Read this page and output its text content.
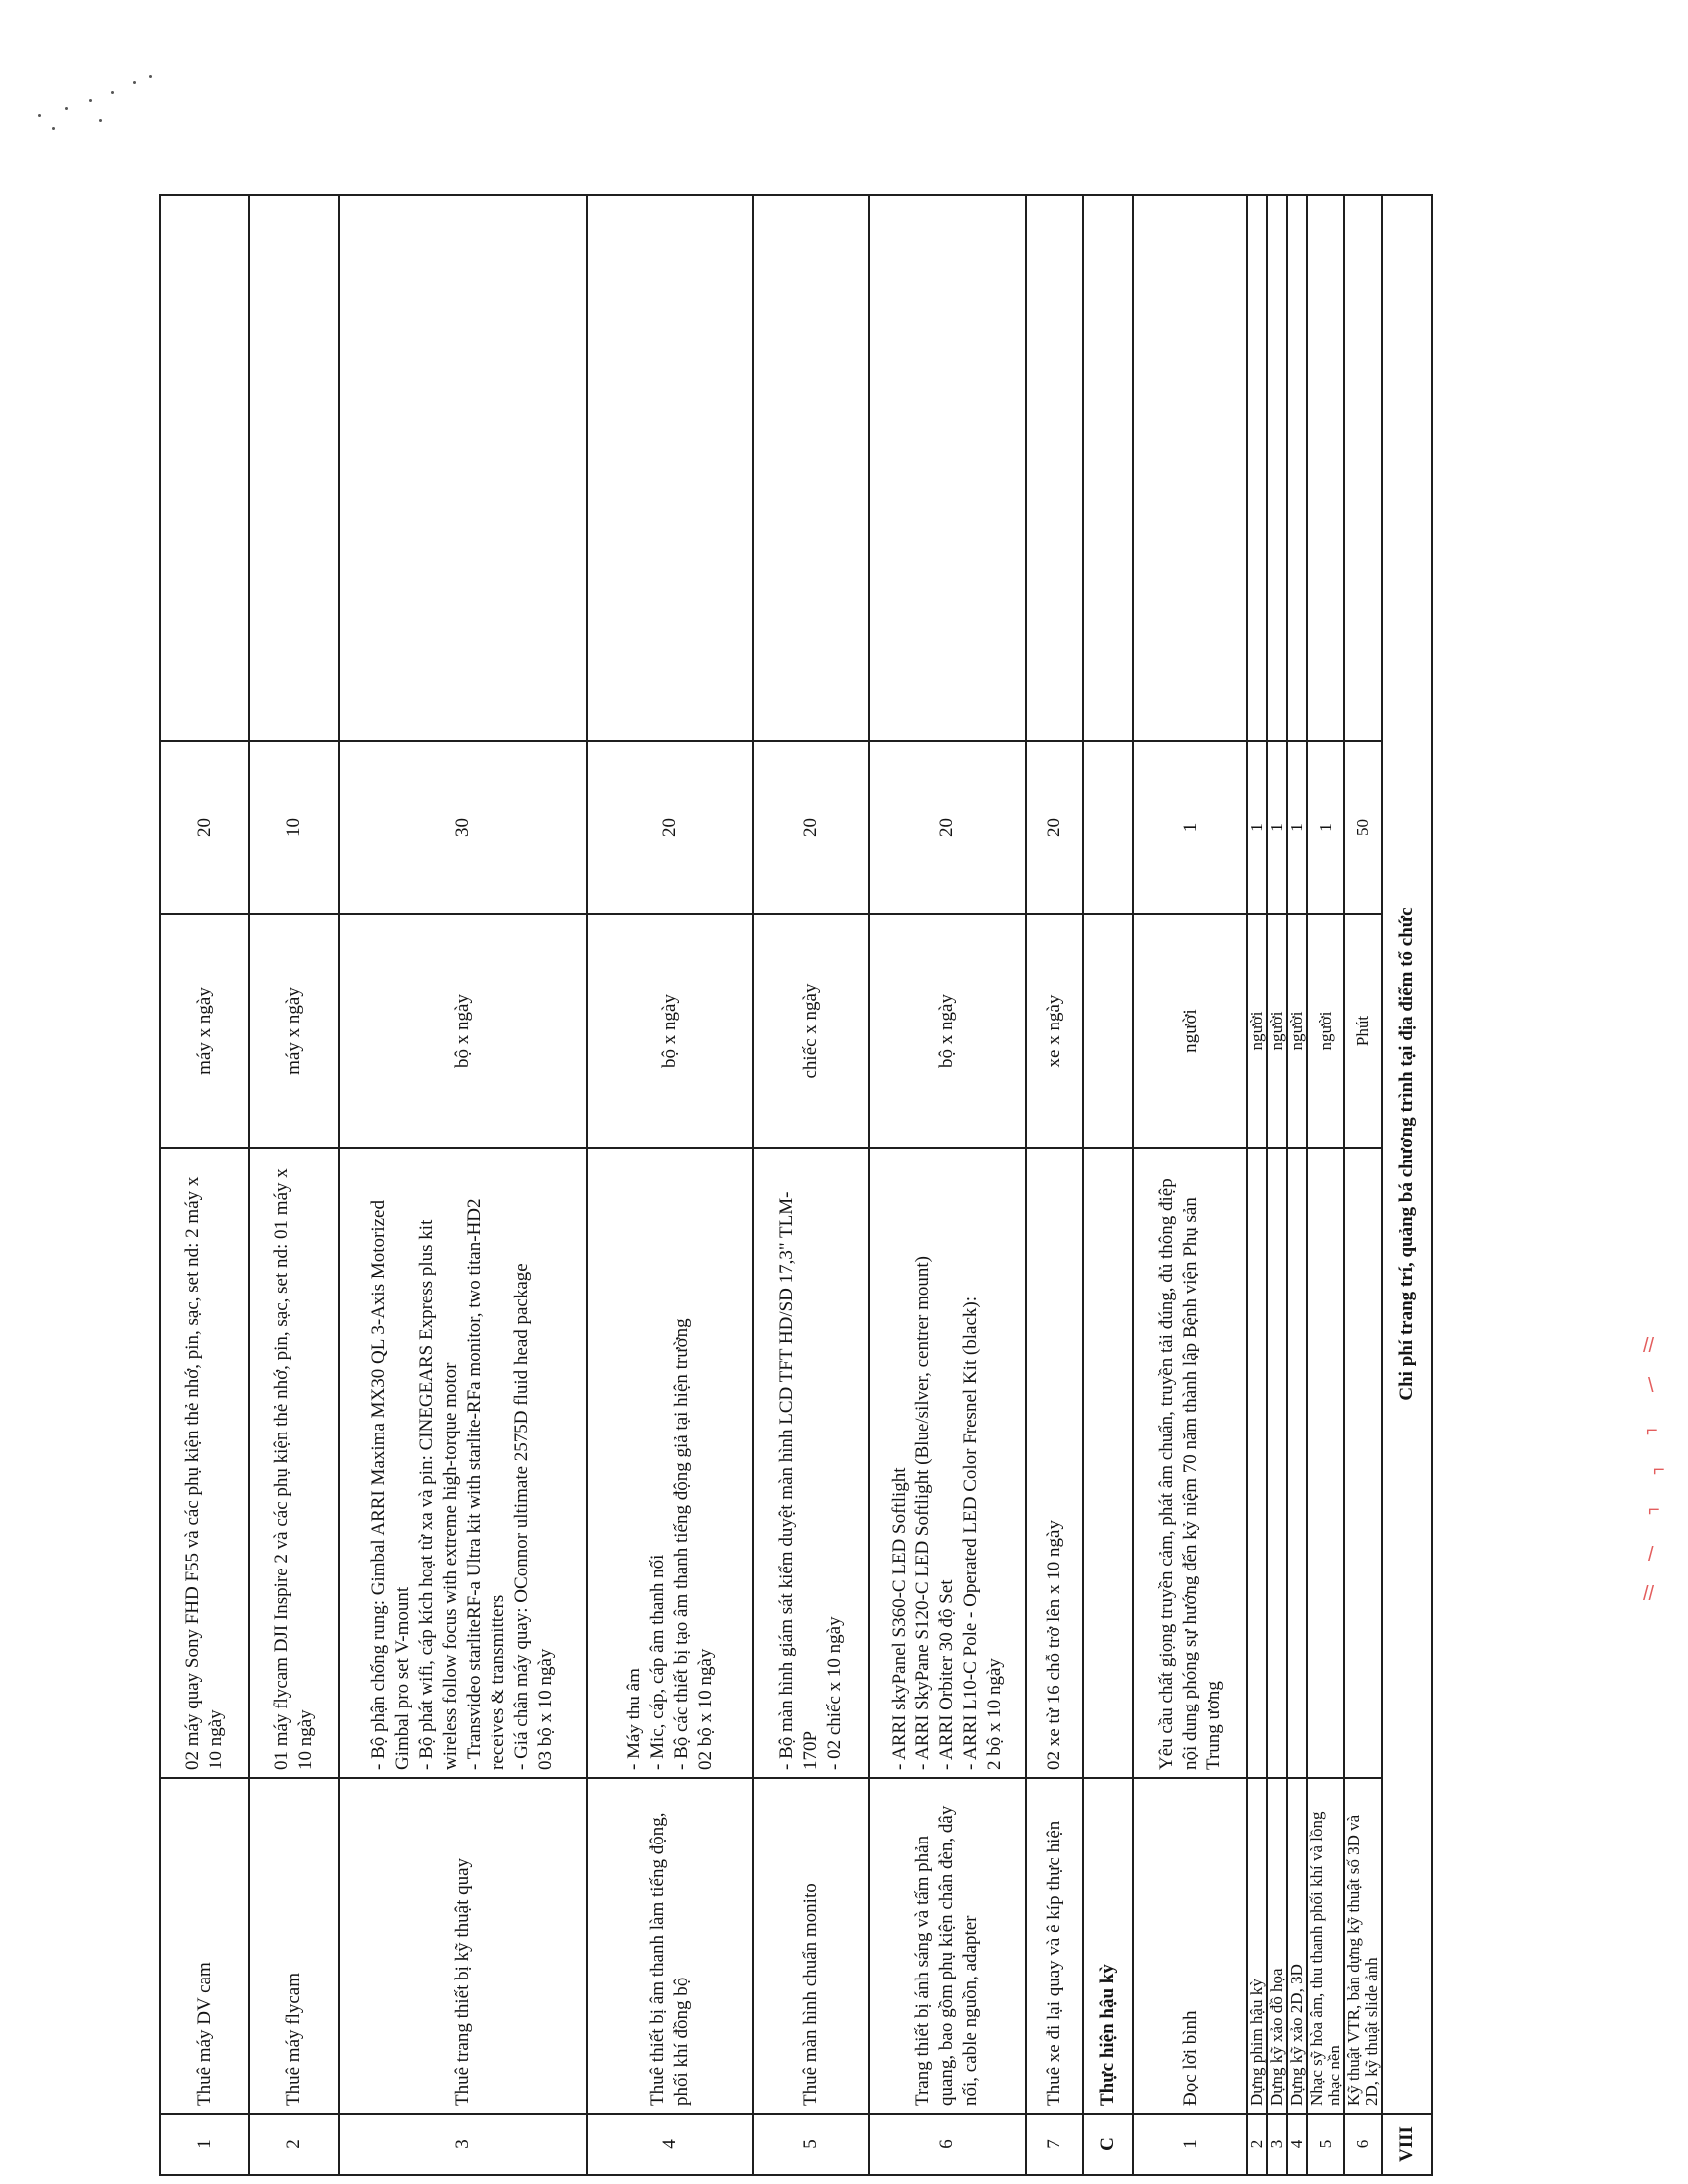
1	Thuê máy DV cam	02 máy quay Sony FHD F55 và các phụ kiện thẻ nhớ, pin, sạc, set nd: 2 máy x 10 ngày	máy x ngày	20	
2	Thuê máy flycam	01 máy flycam DJI Inspire 2 và các phụ kiện thẻ nhớ, pin, sạc, set nd: 01 máy x 10 ngày	máy x ngày	10	
3	Thuê trang thiết bị kỹ thuật quay	- Bộ phận chống rung: Gimbal ARRI Maxima MX30 QL 3-Axis Motorized Gimbal pro set V-mount - Bộ phát wifi, cáp kích hoạt từ xa và pin: CINEGEARS Express plus kit wireless follow focus with extreme high-torque motor - Transvideo starliteRF-a Ultra kit with starlite-RFa monitor, two titan-HD2 receives & transmitters - Giá chân máy quay: OConnor ultimate 2575D fluid head package 03 bộ x 10 ngày	bộ x ngày	30	
4	Thuê thiết bị âm thanh làm tiếng động, phối khí đồng bộ	- Máy thu âm - Mic, cáp, cáp âm thanh nối - Bộ các thiết bị tạo âm thanh tiếng động giả tại hiện trường 02 bộ x 10 ngày	bộ x ngày	20	
5	Thuê màn hình chuẩn monito	- Bộ màn hình giám sát kiểm duyệt màn hình LCD TFT HD/SD 17,3" TLM-170P - 02 chiếc x 10 ngày	chiếc x ngày	20	
6	Trang thiết bị ánh sáng và tấm phản quang, bao gồm phụ kiện chân đèn, dây nối, cable nguồn, adapter	- ARRI skyPanel S360-C LED Softlight - ARRI SkyPane S120-C LED Softlight (Blue/silver, centrer mount) - ARRI Orbiter 30 độ Set - ARRI L10-C Pole - Operated LED Color Fresnel Kit (black): 2 bộ x 10 ngày	bộ x ngày	20	
7	Thuê xe đi lại quay và ê kíp thực hiện	02 xe từ 16 chỗ trở lên x 10 ngày	xe x ngày	20	
C	Thực hiện hậu kỳ				
1	Đọc lời bình	Yêu cầu chất giọng truyền cảm, phát âm chuẩn, truyền tải đúng, đủ thông điệp nội dung phóng sự hướng đến kỷ niệm 70 năm thành lập Bệnh viện Phụ sản Trung ương	người	1	
2	Dựng phim hậu kỳ		người	1	
3	Dựng kỹ xảo đồ họa		người	1	
4	Dựng kỹ xảo 2D, 3D		người	1	
5	Nhạc sỹ hòa âm, thu thanh phối khí và lồng nhạc nền		người	1	
6	Kỹ thuật VTR, bản dựng kỹ thuật số 3D và 2D, kỹ thuật slide ảnh		Phút	50	
VIII	Chi phí trang trí, quảng bá chương trình tại địa điểm tổ chức					//
\
⌐
⌐
⌐
/
//
